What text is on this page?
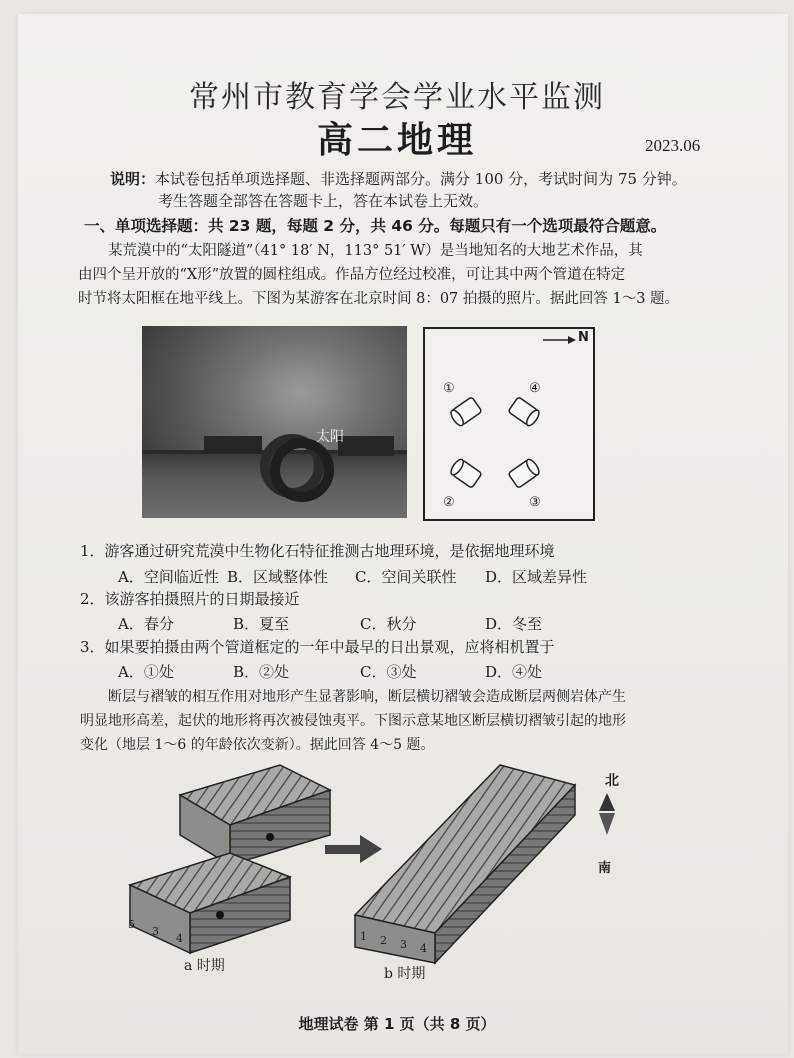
常州市教育学会学业水平监测
高二地理	2023.06
说明：本试卷包括单项选择题、非选择题两部分。满分 100 分，考试时间为 75 分钟。
考生答题全部答在答题卡上，答在本试卷上无效。
一、单项选择题：共 23 题，每题 2 分，共 46 分。每题只有一个选项最符合题意。
某荒漠中的“太阳隧道”（41° 18′ N，113° 51′ W）是当地知名的大地艺术作品，其
由四个呈开放的“X形”放置的圆柱组成。作品方位经过校准，可让其中两个管道在特定
时节将太阳框在地平线上。下图为某游客在北京时间 8：07 拍摄的照片。据此回答 1～3 题。
太阳
N
①	④
②	③
1．游客通过研究荒漠中生物化石特征推测古地理环境，是依据地理环境
A．空间临近性 B．区域整体性 C．空间关联性 D．区域差异性
2．该游客拍摄照片的日期最接近
A．春分	B．夏至	C．秋分	D．冬至
3．如果要拍摄由两个管道框定的一年中最早的日出景观，应将相机置于
A．①处	B．②处	C．③处	D．④处
断层与褶皱的相互作用对地形产生显著影响，断层横切褶皱会造成断层两侧岩体产生
明显地形高差，起伏的地形将再次被侵蚀夷平。下图示意某地区断层横切褶皱引起的地形
变化（地层 1～6 的年龄依次变新）。据此回答 4～5 题。
5
3
4	1 2 3 4
北
南
a 时期	b 时期
地理试卷 第 1 页（共 8 页）
